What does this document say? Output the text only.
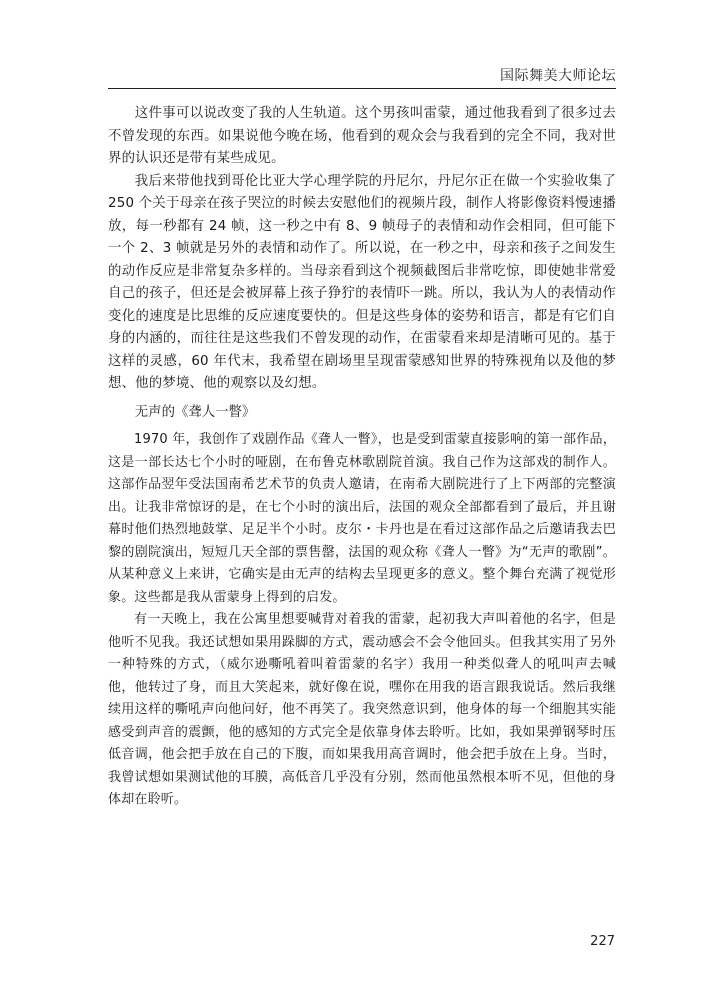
国际舞美大师论坛

这件事可以说改变了我的人生轨道。这个男孩叫雷蒙，通过他我看到了很多过去不曾发现的东西。如果说他今晚在场，他看到的观众会与我看到的完全不同，我对世界的认识还是带有某些成见。

我后来带他找到哥伦比亚大学心理学院的丹尼尔，丹尼尔正在做一个实验收集了 250 个关于母亲在孩子哭泣的时候去安慰他们的视频片段，制作人将影像资料慢速播放，每一秒都有 24 帧，这一秒之中有 8、9 帧母子的表情和动作会相同，但可能下一个 2、3 帧就是另外的表情和动作了。所以说，在一秒之中，母亲和孩子之间发生的动作反应是非常复杂多样的。当母亲看到这个视频截图后非常吃惊，即使她非常爱自己的孩子，但还是会被屏幕上孩子狰狞的表情吓一跳。所以，我认为人的表情动作变化的速度是比思维的反应速度要快的。但是这些身体的姿势和语言，都是有它们自身的内涵的，而往往是这些我们不曾发现的动作，在雷蒙看来却是清晰可见的。基于这样的灵感，60 年代末，我希望在剧场里呈现雷蒙感知世界的特殊视角以及他的梦想、他的梦境、他的观察以及幻想。

无声的《聋人一瞥》

1970 年，我创作了戏剧作品《聋人一瞥》，也是受到雷蒙直接影响的第一部作品，这是一部长达七个小时的哑剧，在布鲁克林歌剧院首演。我自己作为这部戏的制作人。这部作品翌年受法国南希艺术节的负责人邀请，在南希大剧院进行了上下两部的完整演出。让我非常惊讶的是，在七个小时的演出后，法国的观众全部都看到了最后，并且谢幕时他们热烈地鼓掌、足足半个小时。皮尔・卡丹也是在看过这部作品之后邀请我去巴黎的剧院演出，短短几天全部的票售罄，法国的观众称《聋人一瞥》为“无声的歌剧”。从某种意义上来讲，它确实是由无声的结构去呈现更多的意义。整个舞台充满了视觉形象。这些都是我从雷蒙身上得到的启发。

有一天晚上，我在公寓里想要喊背对着我的雷蒙，起初我大声叫着他的名字，但是他听不见我。我还试想如果用跺脚的方式，震动感会不会令他回头。但我其实用了另外一种特殊的方式，（威尔逊嘶吼着叫着雷蒙的名字）我用一种类似聋人的吼叫声去喊他，他转过了身，而且大笑起来，就好像在说，嘿你在用我的语言跟我说话。然后我继续用这样的嘶吼声向他问好，他不再笑了。我突然意识到，他身体的每一个细胞其实能感受到声音的震颤，他的感知的方式完全是依靠身体去聆听。比如，我如果弹钢琴时压低音调，他会把手放在自己的下腹，而如果我用高音调时，他会把手放在上身。当时，我曾试想如果测试他的耳膜，高低音几乎没有分别，然而他虽然根本听不见，但他的身体却在聆听。

227
